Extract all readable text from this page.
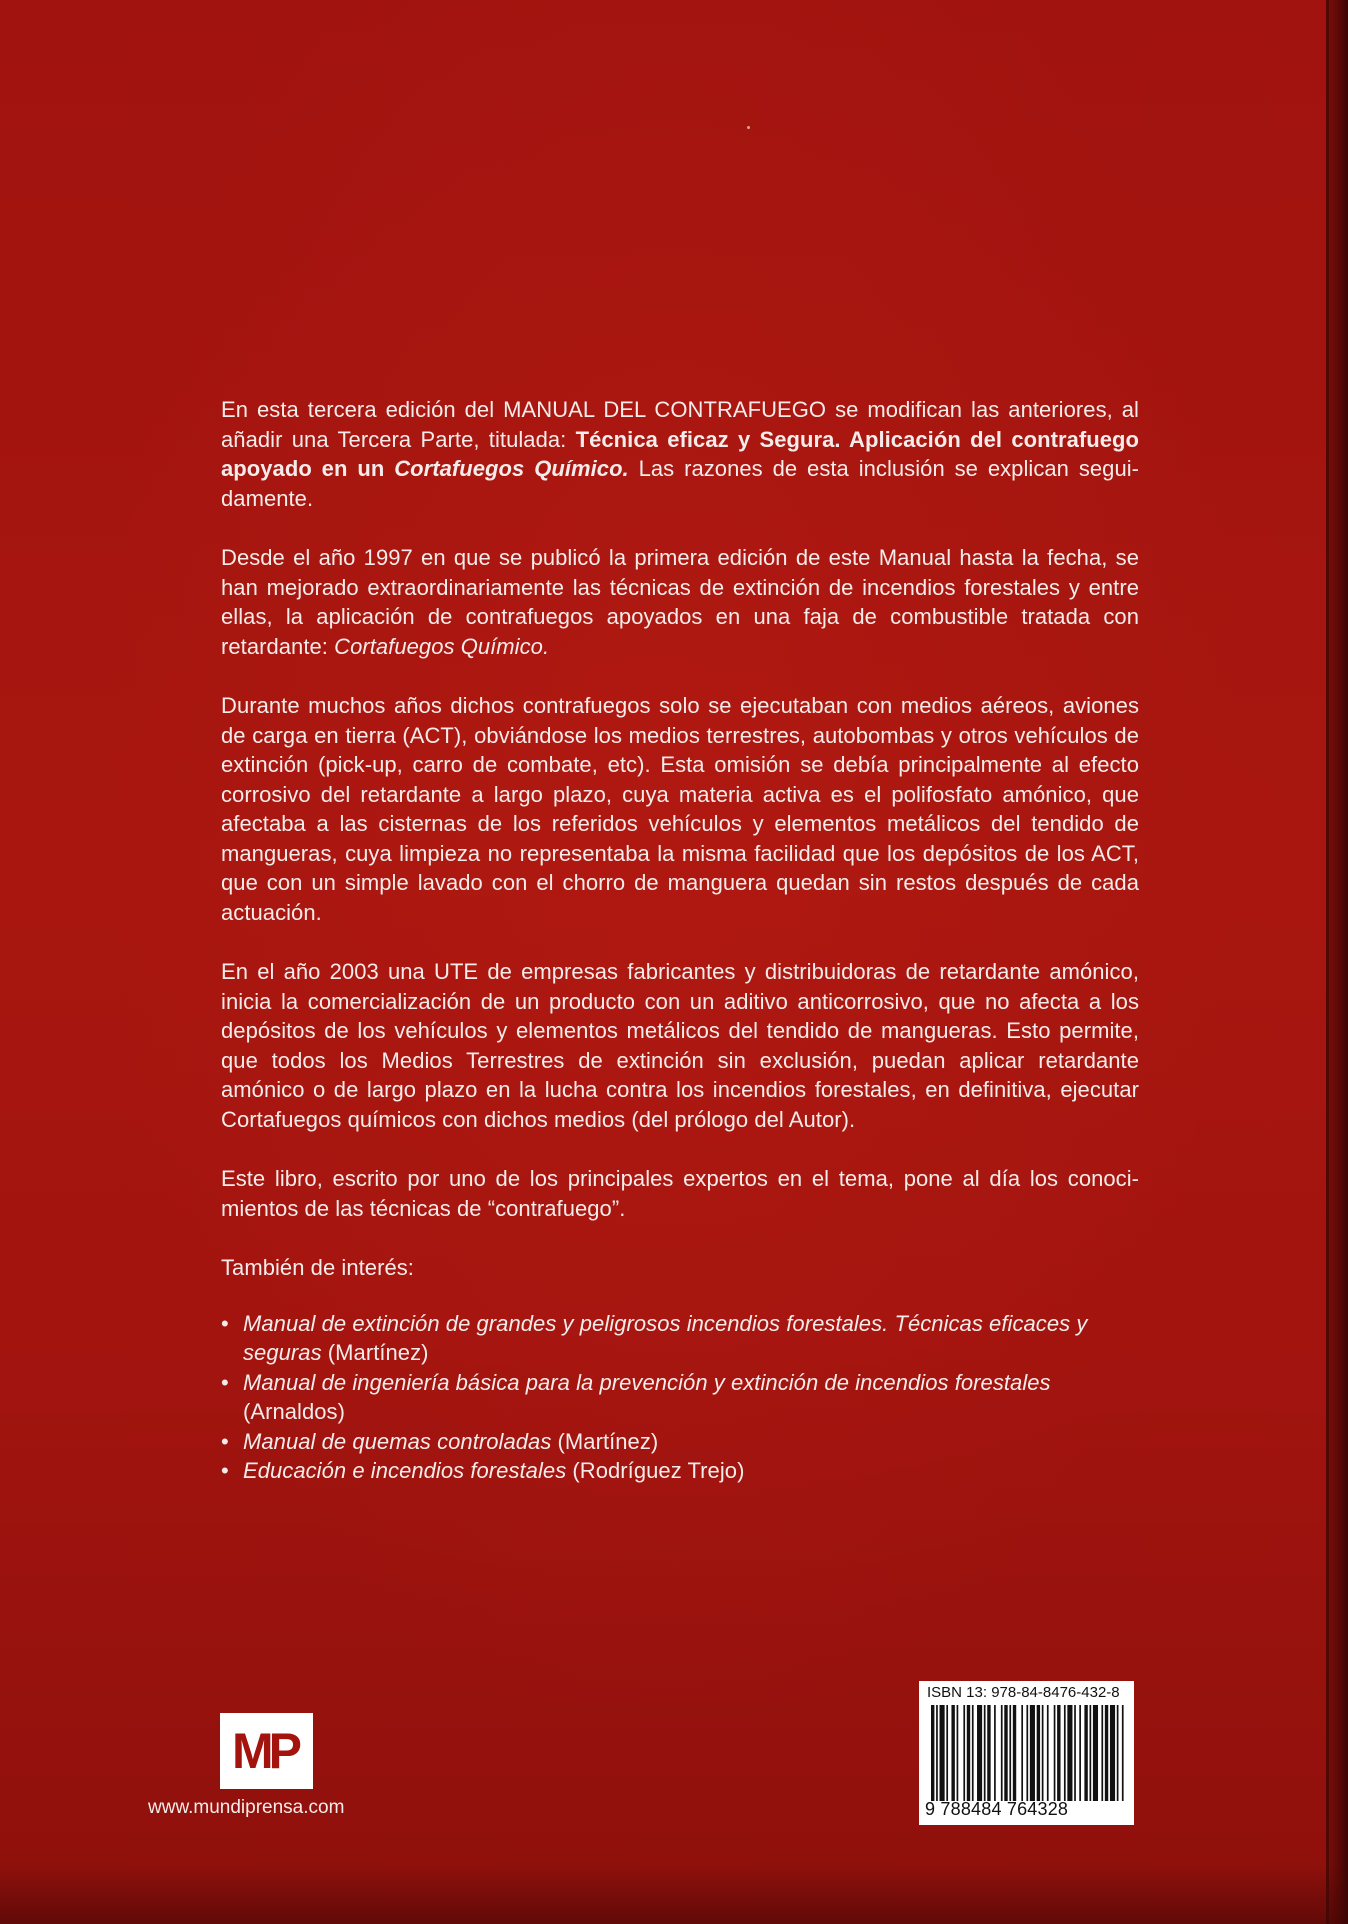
En esta tercera edición del MANUAL DEL CONTRAFUEGO se modifican las anteriores, al añadir una Tercera Parte, titulada: Técnica eficaz y Segura. Aplicación del contrafuego apoyado en un Cortafuegos Químico. Las razones de esta inclusión se explican seguidamente.

Desde el año 1997 en que se publicó la primera edición de este Manual hasta la fecha, se han mejorado extraordinariamente las técnicas de extinción de incendios forestales y entre ellas, la aplicación de contrafuegos apoyados en una faja de combustible tratada con retardante: Cortafuegos Químico.

Durante muchos años dichos contrafuegos solo se ejecutaban con medios aéreos, aviones de carga en tierra (ACT), obviándose los medios terrestres, autobombas y otros vehículos de extinción (pick-up, carro de combate, etc). Esta omisión se debía principalmente al efecto corrosivo del retardante a largo plazo, cuya materia activa es el polifosfato amónico, que afectaba a las cisternas de los referidos vehículos y elementos metálicos del tendido de mangueras, cuya limpieza no representaba la misma facilidad que los depósitos de los ACT, que con un simple lavado con el chorro de manguera quedan sin restos después de cada actuación.

En el año 2003 una UTE de empresas fabricantes y distribuidoras de retardante amónico, inicia la comercialización de un producto con un aditivo anticorrosivo, que no afecta a los depósitos de los vehículos y elementos metálicos del tendido de mangueras. Esto permite, que todos los Medios Terrestres de extinción sin exclusión, puedan aplicar retardante amónico o de largo plazo en la lucha contra los incendios forestales, en definitiva, ejecutar Cortafuegos químicos con dichos medios (del prólogo del Autor).

Este libro, escrito por uno de los principales expertos en el tema, pone al día los conocimientos de las técnicas de “contrafuego”.

También de interés:

• Manual de extinción de grandes y peligrosos incendios forestales. Técnicas eficaces y seguras (Martínez)
• Manual de ingeniería básica para la prevención y extinción de incendios forestales (Arnaldos)
• Manual de quemas controladas (Martínez)
• Educación e incendios forestales (Rodríguez Trejo)
MP
www.mundiprensa.com
ISBN 13: 978-84-8476-432-8
9 788484 764328
